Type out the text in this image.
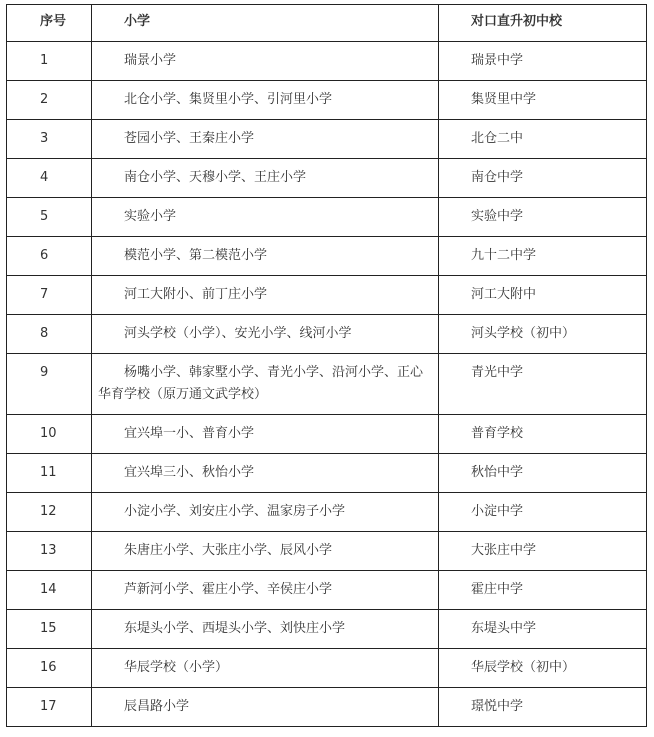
序号	小学	对口直升初中校
1	瑞景小学	瑞景中学
2	北仓小学、集贤里小学、引河里小学	集贤里中学
3	苍园小学、王秦庄小学	北仓二中
4	南仓小学、天穆小学、王庄小学	南仓中学
5	实验小学	实验中学
6	模范小学、第二模范小学	九十二中学
7	河工大附小、前丁庄小学	河工大附中
8	河头学校（小学）、安光小学、线河小学	河头学校（初中）
9	杨嘴小学、韩家墅小学、青光小学、沿河小学、正心华育学校（原万通文武学校）	青光中学
10	宜兴埠一小、普育小学	普育学校
11	宜兴埠三小、秋怡小学	秋怡中学
12	小淀小学、刘安庄小学、温家房子小学	小淀中学
13	朱唐庄小学、大张庄小学、辰风小学	大张庄中学
14	芦新河小学、霍庄小学、辛侯庄小学	霍庄中学
15	东堤头小学、西堤头小学、刘快庄小学	东堤头中学
16	华辰学校（小学）	华辰学校（初中）
17	辰昌路小学	璟悦中学
